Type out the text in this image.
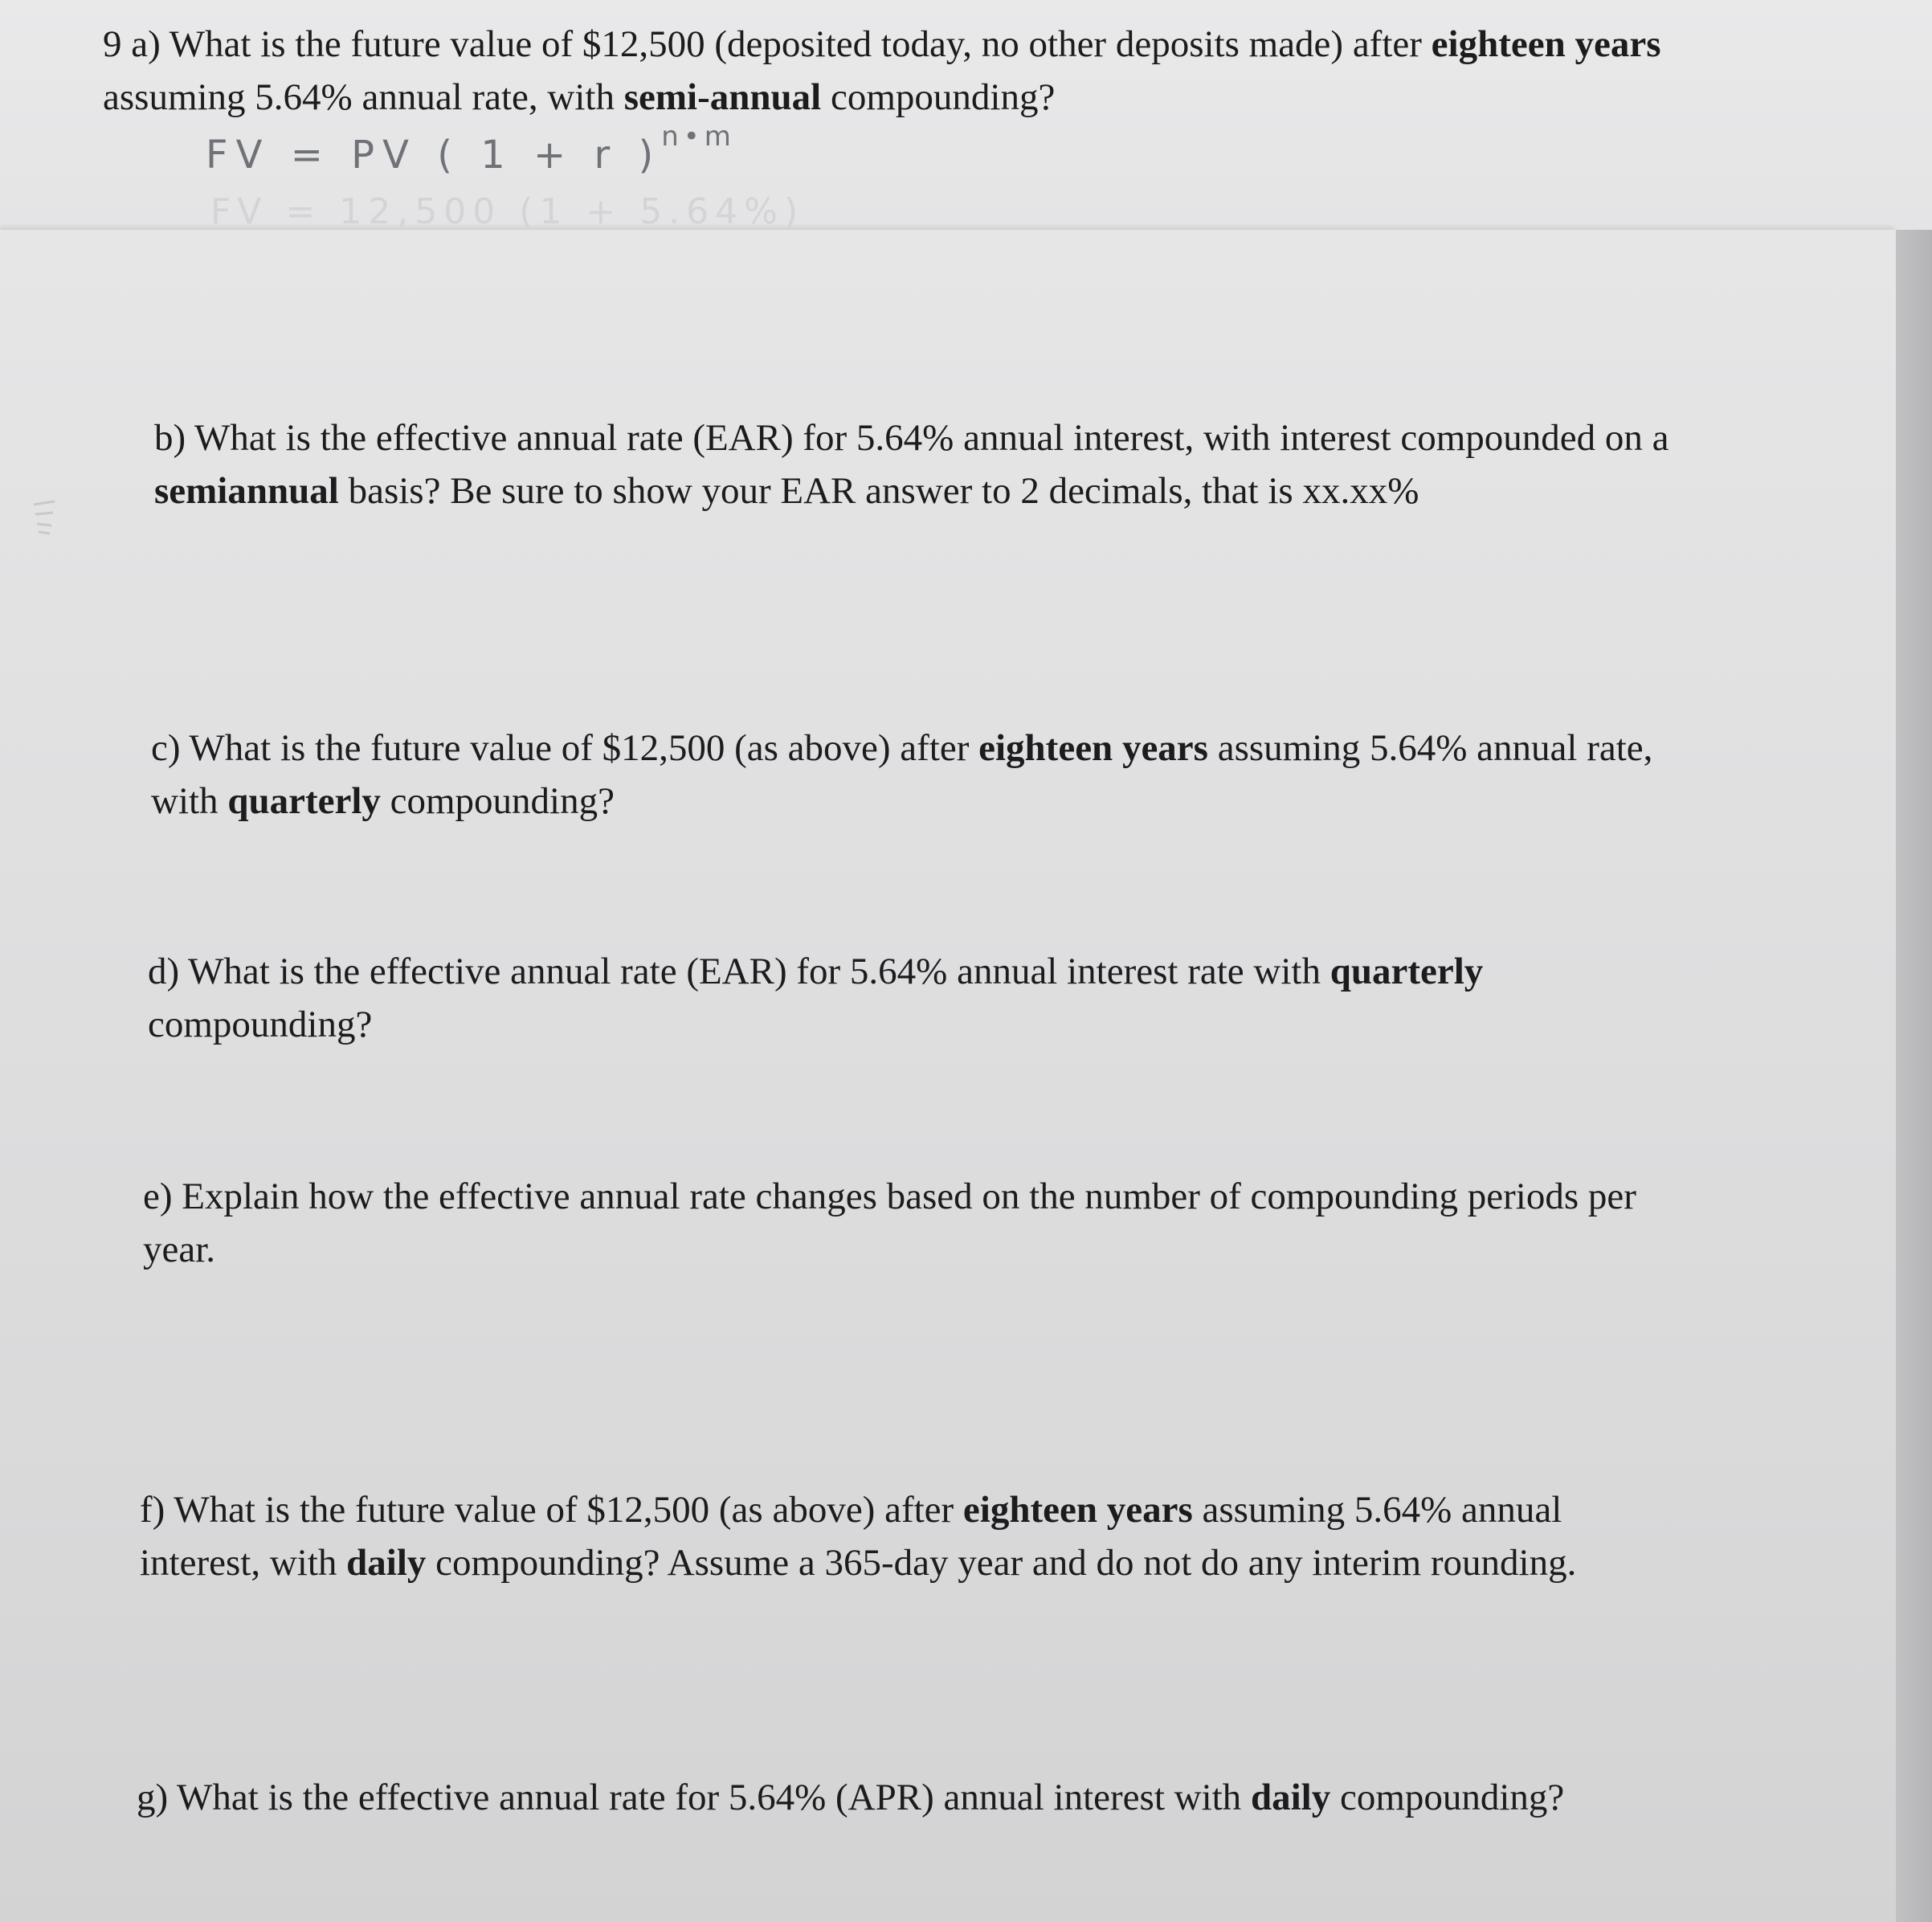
9 a) What is the future value of $12,500 (deposited today, no other deposits made) after eighteen years
assuming 5.64% annual rate, with semi-annual compounding?
FV = PV ( 1 + r )$^{n•m}$
FV = 12,500 (1 + 5.64%)
b) What is the effective annual rate (EAR) for 5.64% annual interest, with interest compounded on a
semiannual basis? Be sure to show your EAR answer to 2 decimals, that is xx.xx%
c) What is the future value of $12,500 (as above) after eighteen years assuming 5.64% annual rate,
with quarterly compounding?
d) What is the effective annual rate (EAR) for 5.64% annual interest rate with quarterly
compounding?
e) Explain how the effective annual rate changes based on the number of compounding periods per
year.
f) What is the future value of $12,500 (as above) after eighteen years assuming 5.64% annual
interest, with daily compounding? Assume a 365-day year and do not do any interim rounding.
g) What is the effective annual rate for 5.64% (APR) annual interest with daily compounding?
